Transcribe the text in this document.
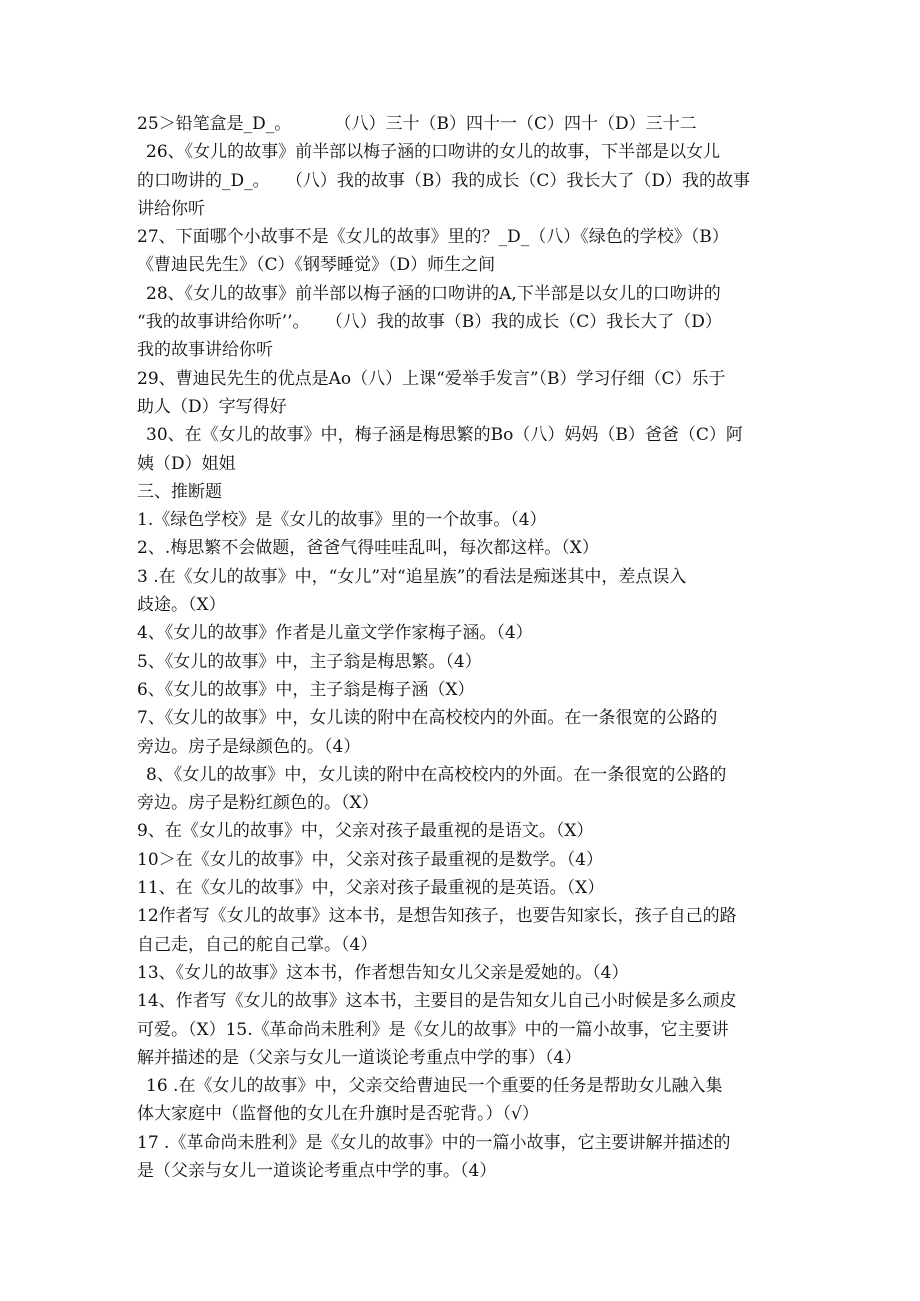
25＞铅笔盒是_D_。        （八）三十（B）四十一（C）四十（D）三十二
26、《女儿的故事》前半部以梅子涵的口吻讲的女儿的故事，下半部是以女儿
的口吻讲的_D_。   （八）我的故事（B）我的成长（C）我长大了（D）我的故事
讲给你听
27、下面哪个小故事不是《女儿的故事》里的？_D_（八）《绿色的学校》（B）
《曹迪民先生》（C）《钢琴睡觉》（D）师生之间
28、《女儿的故事》前半部以梅子涵的口吻讲的A,下半部是以女儿的口吻讲的
“我的故事讲给你听’’。   （八）我的故事（B）我的成长（C）我长大了（D）
我的故事讲给你听
29、曹迪民先生的优点是Ao（八）上课“爱举手发言”（B）学习仔细（C）乐于
助人（D）字写得好
30、在《女儿的故事》中，梅子涵是梅思繁的Bo（八）妈妈（B）爸爸（C）阿
姨（D）姐姐
三、推断题
1.《绿色学校》是《女儿的故事》里的一个故事。（4）
2、.梅思繁不会做题，爸爸气得哇哇乱叫，每次都这样。（X）
3 .在《女儿的故事》中，“女儿”对“追星族”的看法是痴迷其中，差点误入
歧途。（X）
4、《女儿的故事》作者是儿童文学作家梅子涵。（4）
5、《女儿的故事》中，主子翁是梅思繁。（4）
6、《女儿的故事》中，主子翁是梅子涵（X）
7、《女儿的故事》中，女儿读的附中在高校校内的外面。在一条很宽的公路的
旁边。房子是绿颜色的。（4）
8、《女儿的故事》中，女儿读的附中在高校校内的外面。在一条很宽的公路的
旁边。房子是粉红颜色的。（X）
9、在《女儿的故事》中，父亲对孩子最重视的是语文。（X）
10＞在《女儿的故事》中，父亲对孩子最重视的是数学。（4）
11、在《女儿的故事》中，父亲对孩子最重视的是英语。（X）
12作者写《女儿的故事》这本书，是想告知孩子，也要告知家长，孩子自己的路
自己走，自己的舵自己掌。（4）
13、《女儿的故事》这本书，作者想告知女儿父亲是爱她的。（4）
14、作者写《女儿的故事》这本书，主要目的是告知女儿自己小时候是多么顽皮
可爱。（X）15.《革命尚未胜利》是《女儿的故事》中的一篇小故事，它主要讲
解并描述的是（父亲与女儿一道谈论考重点中学的事）（4）
16 .在《女儿的故事》中，父亲交给曹迪民一个重要的任务是帮助女儿融入集
体大家庭中（监督他的女儿在升旗时是否驼背。）（√）
17 .《革命尚未胜利》是《女儿的故事》中的一篇小故事，它主要讲解并描述的
是（父亲与女儿一道谈论考重点中学的事。（4）
